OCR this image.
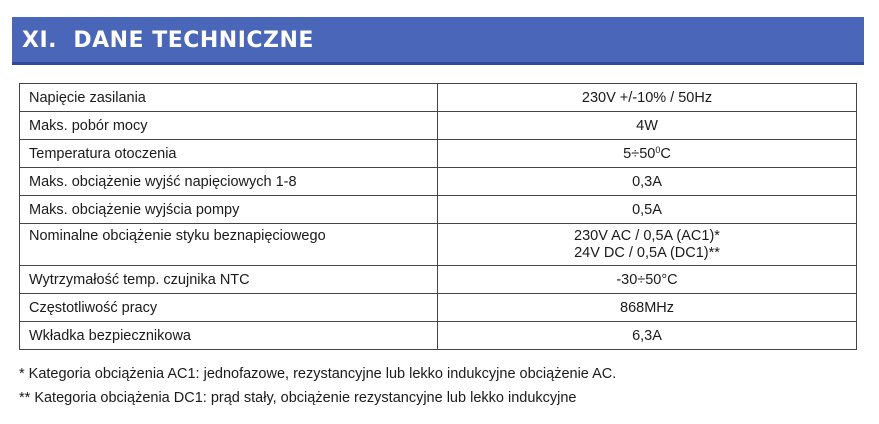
XI.  DANE TECHNICZNE
Napięcie zasilania	230V +/-10% / 50Hz
Maks. pobór mocy	4W
Temperatura otoczenia	$5\div 50^0C$
Maks. obciążenie wyjść napięciowych 1-8	0,3A
Maks. obciążenie wyjścia pompy	0,5A
Nominalne obciążenie styku beznapięciowego	230V AC / 0,5A (AC1)*
24V DC / 0,5A (DC1)**

Wytrzymałość temp. czujnika NTC	-30÷50°C
Częstotliwość pracy	868MHz
Wkładka bezpiecznikowa	6,3A
* Kategoria obciążenia AC1: jednofazowe, rezystancyjne lub lekko indukcyjne obciążenie AC.
** Kategoria obciążenia DC1: prąd stały, obciążenie rezystancyjne lub lekko indukcyjne
